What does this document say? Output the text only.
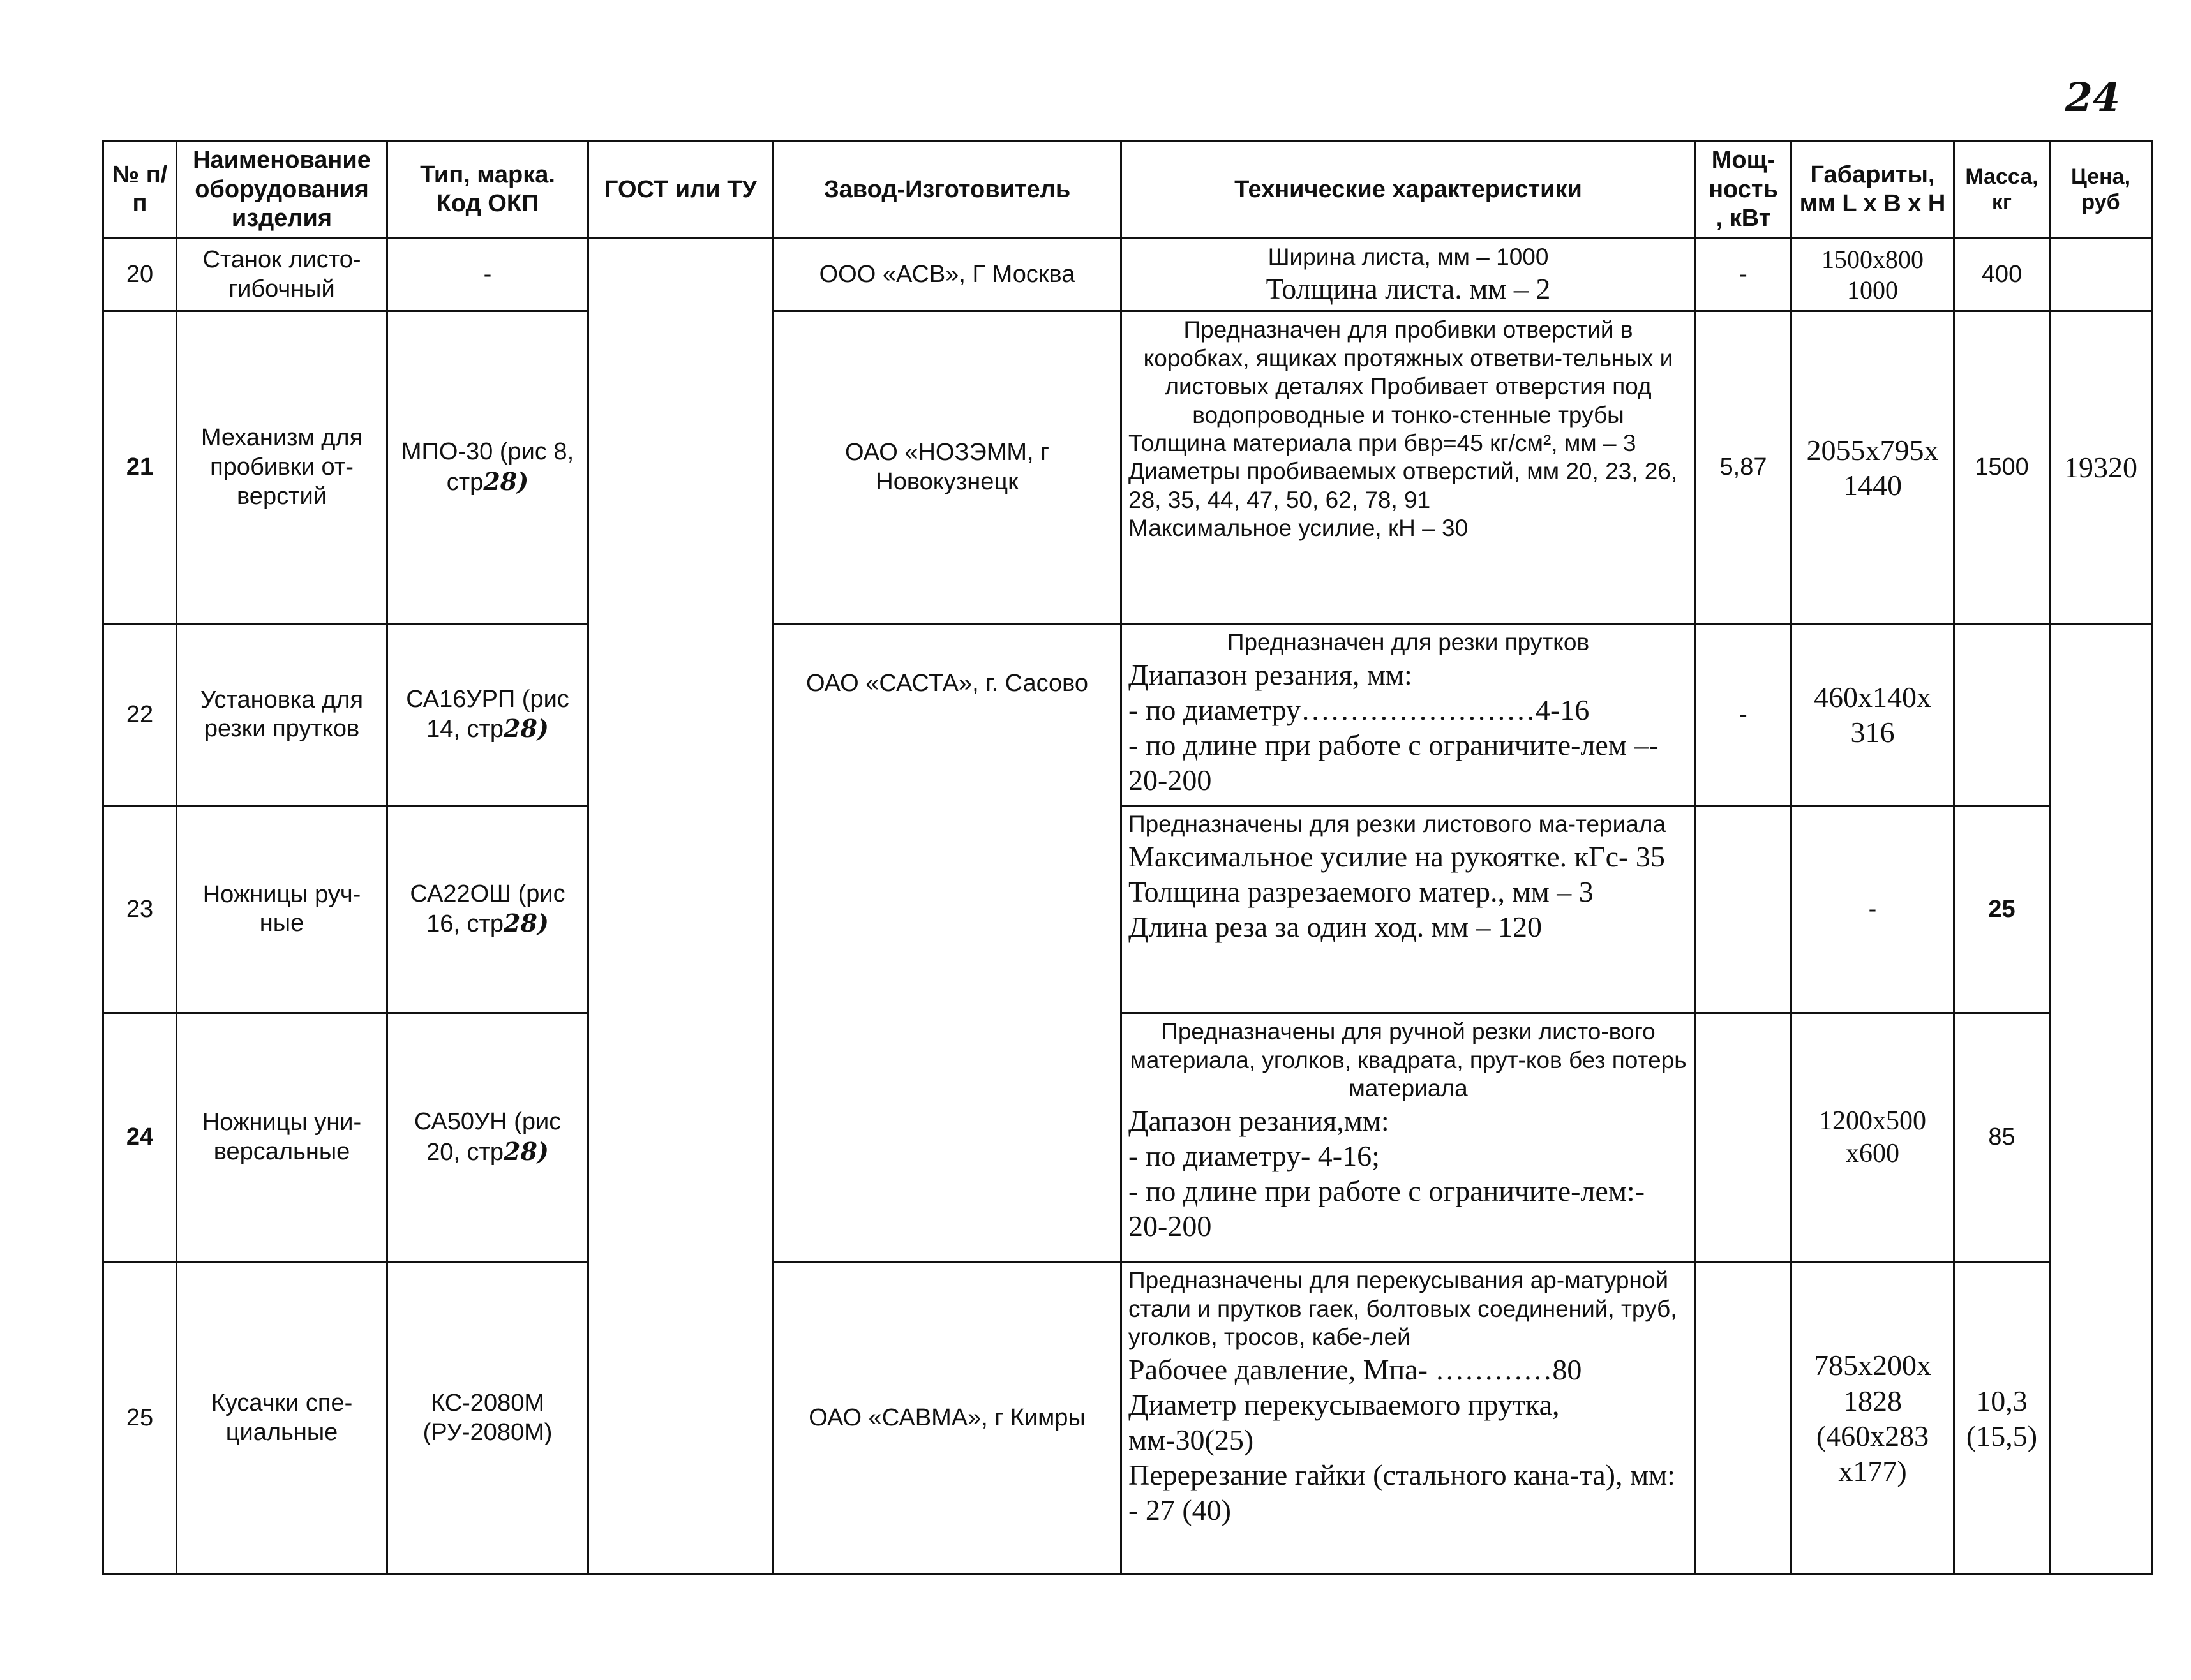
24
№ п/п	Наименование оборудования изделия	Тип, марка. Код ОКП	ГОСТ или ТУ	Завод-Изготовитель	Технические характеристики	Мощ-ность , кВт	Габариты, мм L x B x H	Масса, кг	Цена, руб
20	Станок листо-гибочный	-		ООО «АСВ», Г Москва	Ширина листа, мм – 1000
Толщина листа. мм – 2	-	1500x800 1000	400	
21	Механизм для пробивки от-верстий	МПО-30 (рис 8, стр28)		ОАО «НОЗЭММ, г Новокузнецк	Предназначен для пробивки отверстий в коробках, ящиках протяжных ответви-тельных и листовых деталях Пробивает отверстия под водопроводные и тонко-стенные трубы
Толщина материала при бвр=45 кг/см², мм – 3
Диаметры пробиваемых отверстий, мм 20, 23, 26, 28, 35, 44, 47, 50, 62, 78, 91
Максимальное усилие, кН – 30	5,87	2055x795x 1440	1500	19320
22	Установка для резки прутков	СА16УРП (рис 14, стр28)		ОАО «САСТА», г. Сасово	Предназначен для резки прутков
Диапазон резания, мм:
- по диаметру……………………4-16
- по длине при работе с ограничите-лем –- 20-200	-	460x140x 316		
23	Ножницы руч-ные	СА22ОШ (рис 16, стр28)			Предназначены для резки листового ма-териала
Максимальное усилие на рукоятке. кГс- 35
Толщина разрезаемого матер., мм – 3
Длина реза за один ход. мм – 120		-	25	
24	Ножницы уни-версальные	СА50УН (рис 20, стр28)			Предназначены для ручной резки листо-вого материала, уголков, квадрата, прут-ков без потерь материала
Дапазон резания,мм:
- по диаметру- 4-16;
- по длине при работе с ограничите-лем:- 20-200		1200x500 x600	85	
25	Кусачки спе-циальные	КС-2080М (РУ-2080М)		ОАО «САВМА», г Кимры	Предназначены для перекусывания ар-матурной стали и прутков гаек, болтовых соединений, труб, уголков, тросов, кабе-лей
Рабочее давление, Мпа- …………80
Диаметр перекусываемого прутка, мм-30(25)
Перерезание гайки (стального кана-та), мм: - 27 (40)		785x200x 1828 (460x283 x177)	10,3 (15,5)	
